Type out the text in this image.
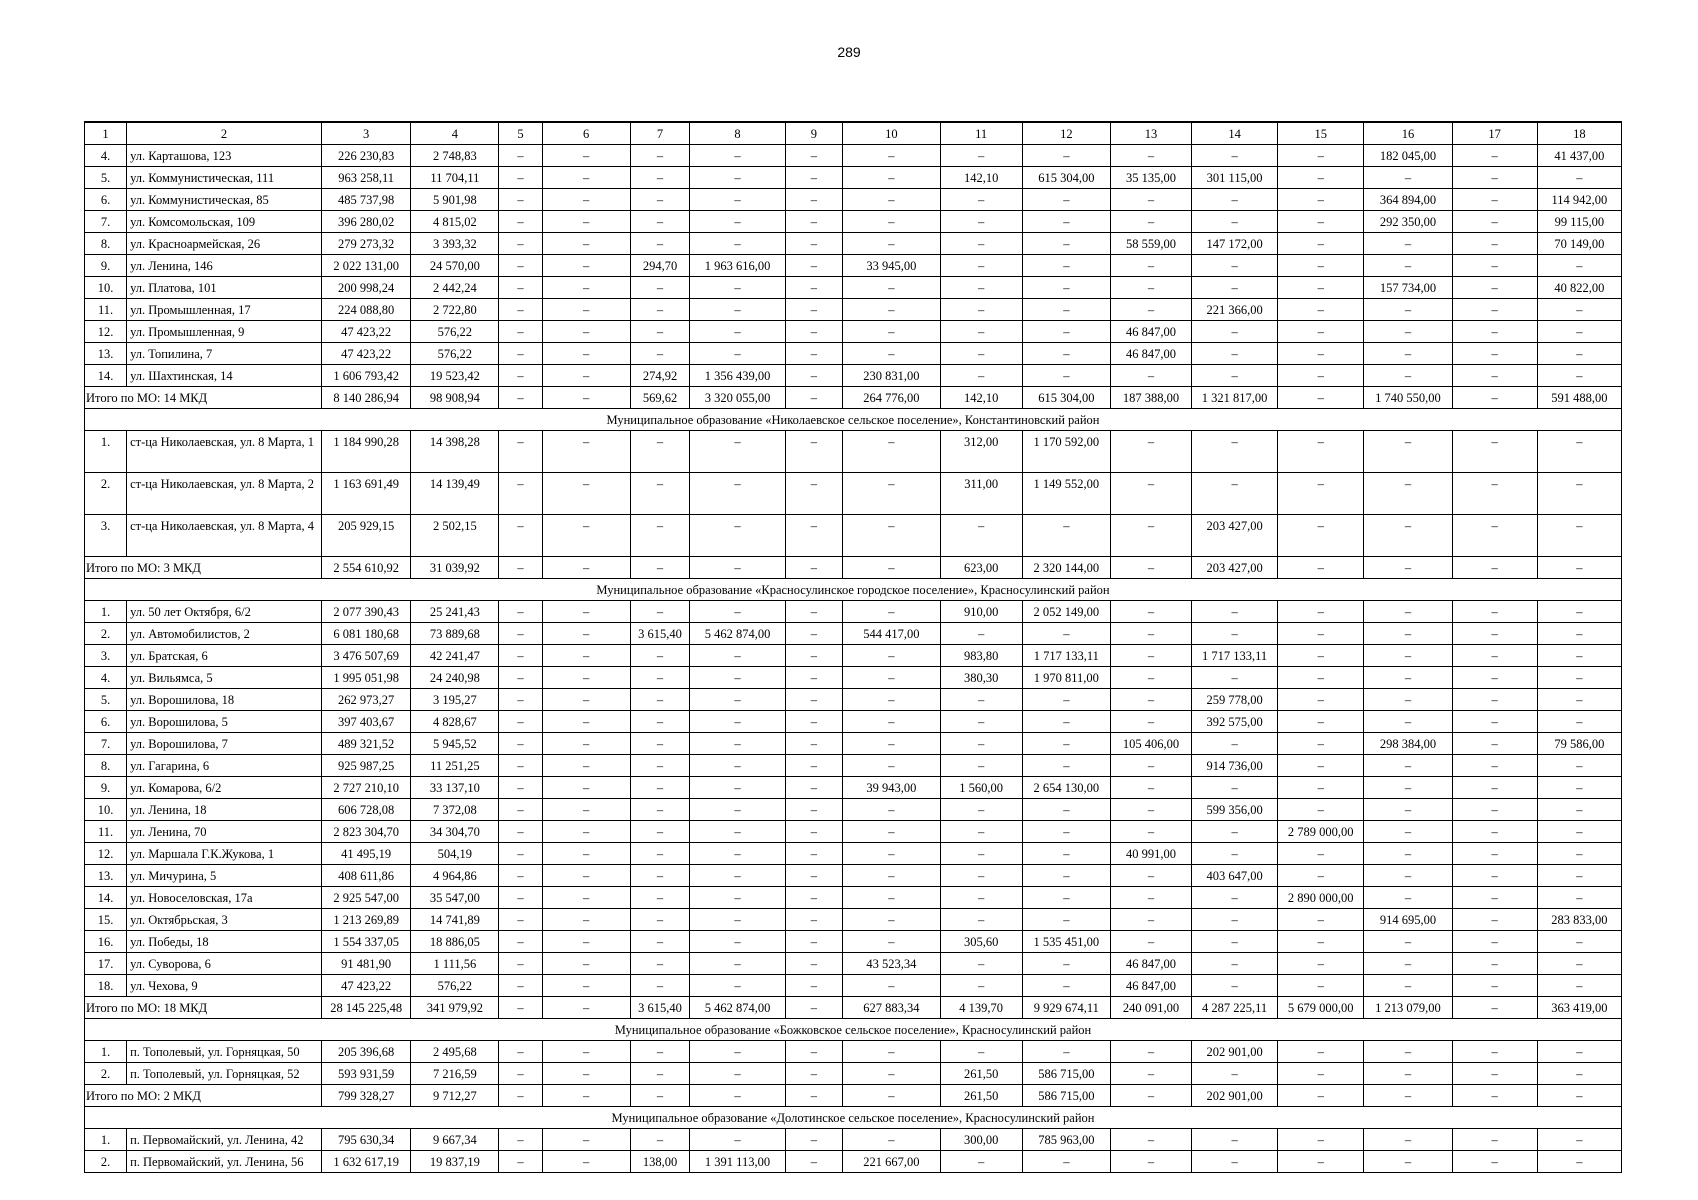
289
1	2	3	4	5	6	7	8	9	10	11	12	13	14	15	16	17	18
4.	ул. Карташова, 123	226 230,83	2 748,83	–	–	–	–	–	–	–	–	–	–	–	182 045,00	–	41 437,00
5.	ул. Коммунистическая, 111	963 258,11	11 704,11	–	–	–	–	–	–	142,10	615 304,00	35 135,00	301 115,00	–	–	–	–
6.	ул. Коммунистическая, 85	485 737,98	5 901,98	–	–	–	–	–	–	–	–	–	–	–	364 894,00	–	114 942,00
7.	ул. Комсомольская, 109	396 280,02	4 815,02	–	–	–	–	–	–	–	–	–	–	–	292 350,00	–	99 115,00
8.	ул. Красноармейская, 26	279 273,32	3 393,32	–	–	–	–	–	–	–	–	58 559,00	147 172,00	–	–	–	70 149,00
9.	ул. Ленина, 146	2 022 131,00	24 570,00	–	–	294,70	1 963 616,00	–	33 945,00	–	–	–	–	–	–	–	–
10.	ул. Платова, 101	200 998,24	2 442,24	–	–	–	–	–	–	–	–	–	–	–	157 734,00	–	40 822,00
11.	ул. Промышленная, 17	224 088,80	2 722,80	–	–	–	–	–	–	–	–	–	221 366,00	–	–	–	–
12.	ул. Промышленная, 9	47 423,22	576,22	–	–	–	–	–	–	–	–	46 847,00	–	–	–	–	–
13.	ул. Топилина, 7	47 423,22	576,22	–	–	–	–	–	–	–	–	46 847,00	–	–	–	–	–
14.	ул. Шахтинская, 14	1 606 793,42	19 523,42	–	–	274,92	1 356 439,00	–	230 831,00	–	–	–	–	–	–	–	–
Итого по МО: 14 МКД		8 140 286,94	98 908,94	–	–	569,62	3 320 055,00	–	264 776,00	142,10	615 304,00	187 388,00	1 321 817,00	–	1 740 550,00	–	591 488,00
Муниципальное образование «Николаевское сельское поселение», Константиновский район																	
1.	ст-ца Николаевская, ул. 8 Марта, 1	1 184 990,28	14 398,28	–	–	–	–	–	–	312,00	1 170 592,00	–	–	–	–	–	–
2.	ст-ца Николаевская, ул. 8 Марта, 2	1 163 691,49	14 139,49	–	–	–	–	–	–	311,00	1 149 552,00	–	–	–	–	–	–
3.	ст-ца Николаевская, ул. 8 Марта, 4	205 929,15	2 502,15	–	–	–	–	–	–	–	–	–	203 427,00	–	–	–	–
Итого по МО: 3 МКД		2 554 610,92	31 039,92	–	–	–	–	–	–	623,00	2 320 144,00	–	203 427,00	–	–	–	–
Муниципальное образование «Красносулинское городское поселение», Красносулинский район																	
1.	ул. 50 лет Октября, 6/2	2 077 390,43	25 241,43	–	–	–	–	–	–	910,00	2 052 149,00	–	–	–	–	–	–
2.	ул. Автомобилистов, 2	6 081 180,68	73 889,68	–	–	3 615,40	5 462 874,00	–	544 417,00	–	–	–	–	–	–	–	–
3.	ул. Братская, 6	3 476 507,69	42 241,47	–	–	–	–	–	–	983,80	1 717 133,11	–	1 717 133,11	–	–	–	–
4.	ул. Вильямса, 5	1 995 051,98	24 240,98	–	–	–	–	–	–	380,30	1 970 811,00	–	–	–	–	–	–
5.	ул. Ворошилова, 18	262 973,27	3 195,27	–	–	–	–	–	–	–	–	–	259 778,00	–	–	–	–
6.	ул. Ворошилова, 5	397 403,67	4 828,67	–	–	–	–	–	–	–	–	–	392 575,00	–	–	–	–
7.	ул. Ворошилова, 7	489 321,52	5 945,52	–	–	–	–	–	–	–	–	105 406,00	–	–	298 384,00	–	79 586,00
8.	ул. Гагарина, 6	925 987,25	11 251,25	–	–	–	–	–	–	–	–	–	914 736,00	–	–	–	–
9.	ул. Комарова, 6/2	2 727 210,10	33 137,10	–	–	–	–	–	39 943,00	1 560,00	2 654 130,00	–	–	–	–	–	–
10.	ул. Ленина, 18	606 728,08	7 372,08	–	–	–	–	–	–	–	–	–	599 356,00	–	–	–	–
11.	ул. Ленина, 70	2 823 304,70	34 304,70	–	–	–	–	–	–	–	–	–	–	2 789 000,00	–	–	–
12.	ул. Маршала Г.К.Жукова, 1	41 495,19	504,19	–	–	–	–	–	–	–	–	40 991,00	–	–	–	–	–
13.	ул. Мичурина, 5	408 611,86	4 964,86	–	–	–	–	–	–	–	–	–	403 647,00	–	–	–	–
14.	ул. Новоселовская, 17а	2 925 547,00	35 547,00	–	–	–	–	–	–	–	–	–	–	2 890 000,00	–	–	–
15.	ул. Октябрьская, 3	1 213 269,89	14 741,89	–	–	–	–	–	–	–	–	–	–	–	914 695,00	–	283 833,00
16.	ул. Победы, 18	1 554 337,05	18 886,05	–	–	–	–	–	–	305,60	1 535 451,00	–	–	–	–	–	–
17.	ул. Суворова, 6	91 481,90	1 111,56	–	–	–	–	–	43 523,34	–	–	46 847,00	–	–	–	–	–
18.	ул. Чехова, 9	47 423,22	576,22	–	–	–	–	–	–	–	–	46 847,00	–	–	–	–	–
Итого по МО: 18 МКД		28 145 225,48	341 979,92	–	–	3 615,40	5 462 874,00	–	627 883,34	4 139,70	9 929 674,11	240 091,00	4 287 225,11	5 679 000,00	1 213 079,00	–	363 419,00
Муниципальное образование «Божковское сельское поселение», Красносулинский район																	
1.	п. Тополевый, ул. Горняцкая, 50	205 396,68	2 495,68	–	–	–	–	–	–	–	–	–	202 901,00	–	–	–	–
2.	п. Тополевый, ул. Горняцкая, 52	593 931,59	7 216,59	–	–	–	–	–	–	261,50	586 715,00	–	–	–	–	–	–
Итого по МО: 2 МКД		799 328,27	9 712,27	–	–	–	–	–	–	261,50	586 715,00	–	202 901,00	–	–	–	–
Муниципальное образование «Долотинское сельское поселение», Красносулинский район																	
1.	п. Первомайский, ул. Ленина, 42	795 630,34	9 667,34	–	–	–	–	–	–	300,00	785 963,00	–	–	–	–	–	–
2.	п. Первомайский, ул. Ленина, 56	1 632 617,19	19 837,19	–	–	138,00	1 391 113,00	–	221 667,00	–	–	–	–	–	–	–	–
